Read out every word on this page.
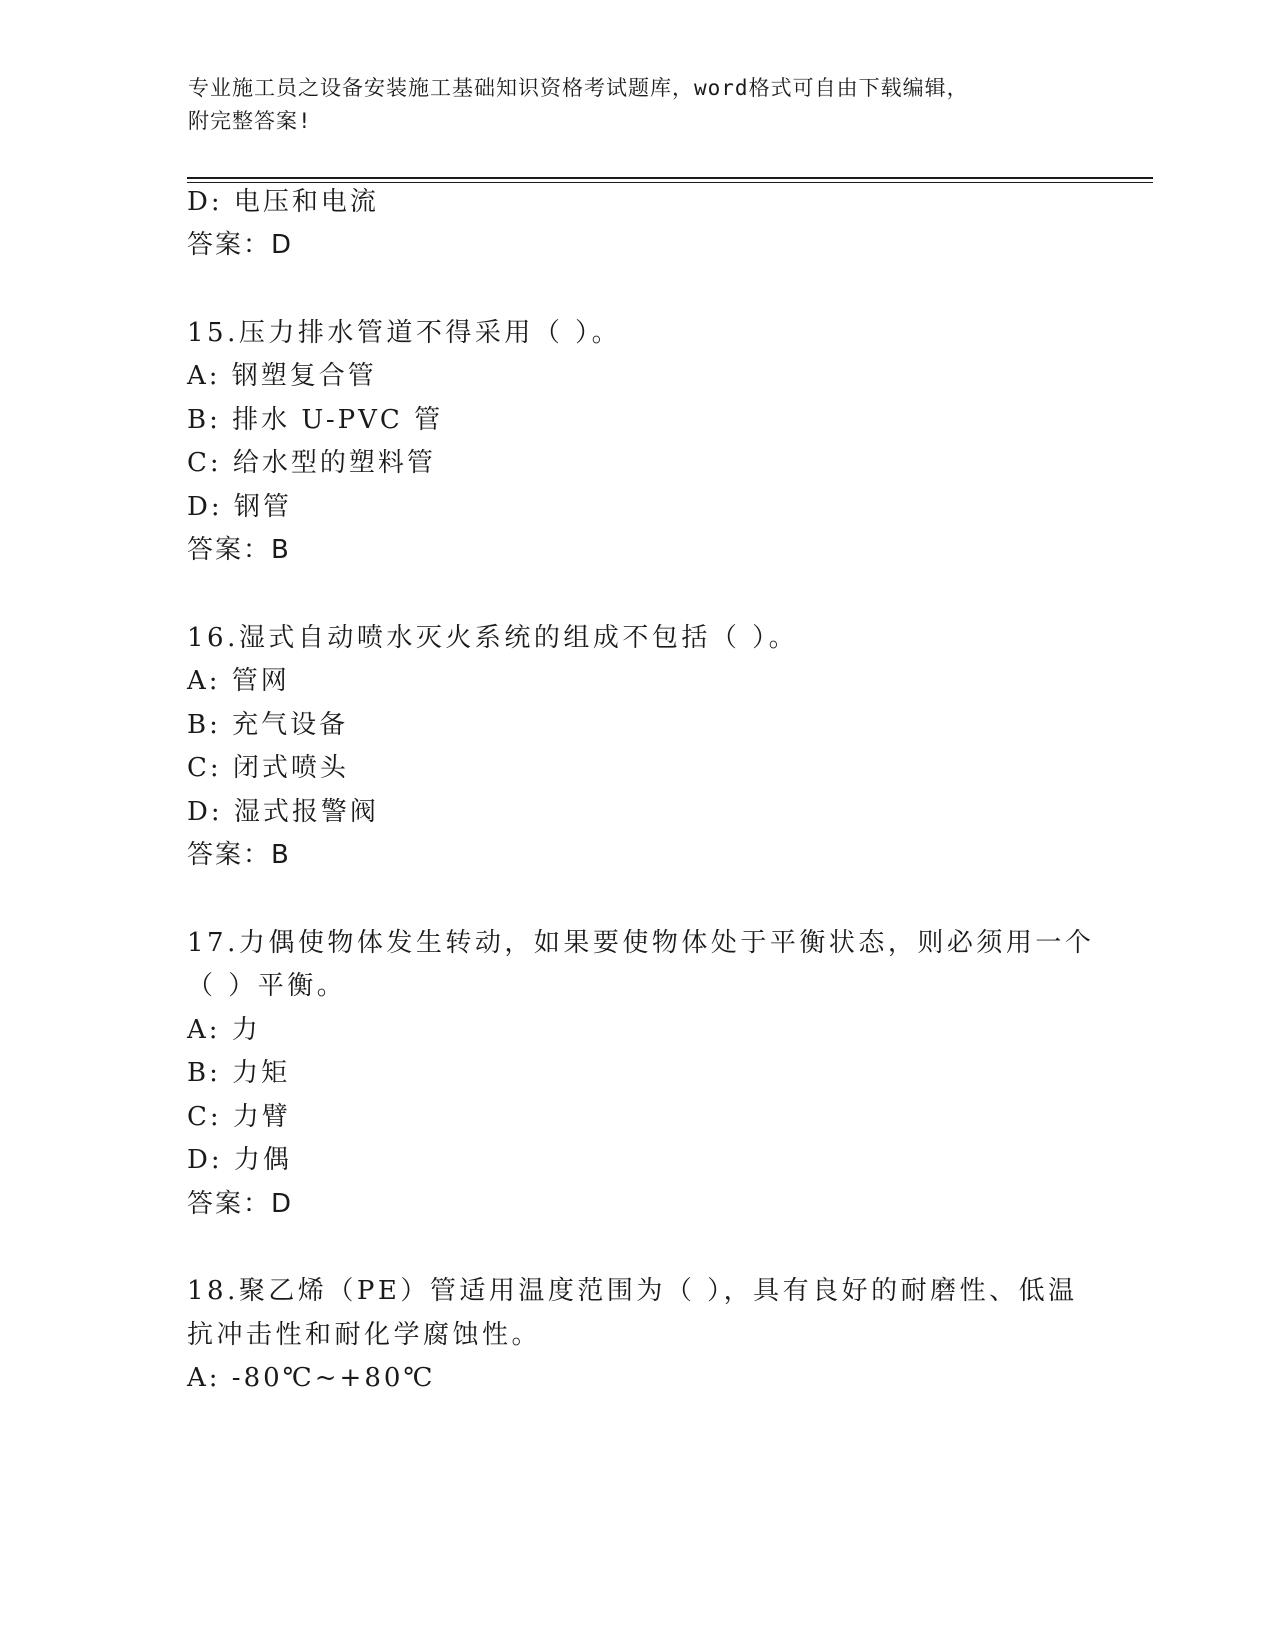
专业施工员之设备安装施工基础知识资格考试题库，word格式可自由下载编辑，
附完整答案!
D: 电压和电流
答案：D
15.压力排水管道不得采用（ ）。
A: 钢塑复合管
B: 排水 U-PVC 管
C: 给水型的塑料管
D: 钢管
答案：B
16.湿式自动喷水灭火系统的组成不包括（ ）。
A: 管网
B: 充气设备
C: 闭式喷头
D: 湿式报警阀
答案：B
17.力偶使物体发生转动，如果要使物体处于平衡状态，则必须用一个
（ ）平衡。
A: 力
B: 力矩
C: 力臂
D: 力偶
答案：D
18.聚乙烯（PE）管适用温度范围为（ ），具有良好的耐磨性、低温
抗冲击性和耐化学腐蚀性。
A: -80℃~+80℃
